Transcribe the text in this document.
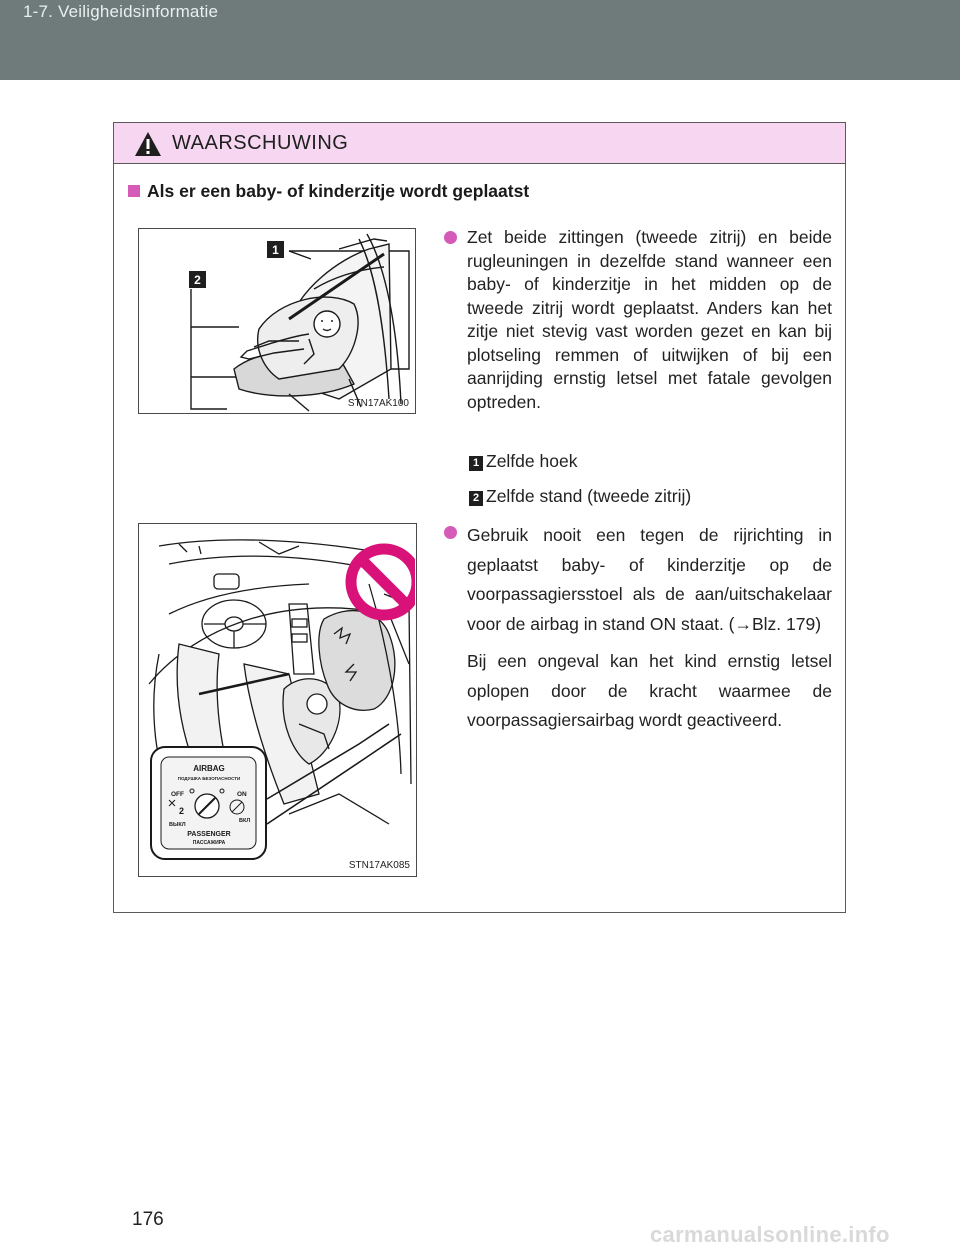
1-7. Veiligheidsinformatie
WAARSCHUWING
Als er een baby- of kinderzitje wordt geplaatst
1
2
STN17AK100
AIRBAG
ПОДУШКА БЕЗОПАСНОСТИ
OFF	ON
2
ВЫКЛ
ВКЛ
PASSENGER
ПАССАЖИРА
STN17AK085
Zet beide zittingen (tweede zitrij) en beide rugleuningen in dezelfde stand wanneer een baby- of kinderzitje in het midden op de tweede zitrij wordt geplaatst. Anders kan het zitje niet stevig vast worden gezet en kan bij plotseling remmen of uitwijken of bij een aanrijding ernstig letsel met fatale gevolgen optreden.
1 Zelfde hoek
2 Zelfde stand (tweede zitrij)
Gebruik nooit een tegen de rijrichting in geplaatst baby- of kinderzitje op de voorpassagiersstoel als de aan/uitschakelaar voor de airbag in stand ON staat. (→Blz. 179)
Bij een ongeval kan het kind ernstig letsel oplopen door de kracht waarmee de voorpassagiersairbag wordt geactiveerd.
176
carmanualsonline.info
